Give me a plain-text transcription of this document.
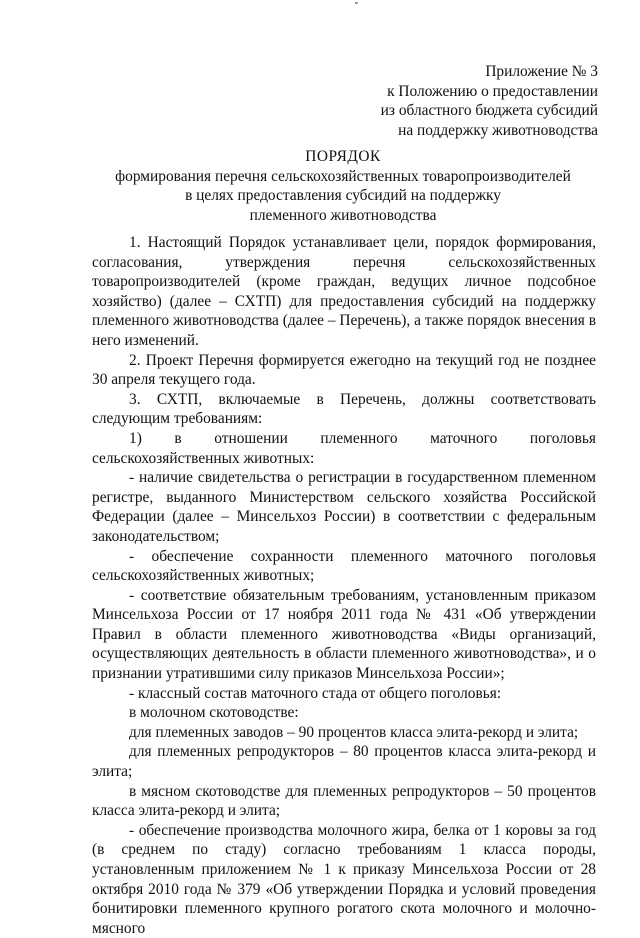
Приложение № 3
к Положению о предоставлении
из областного бюджета субсидий
на поддержку животноводства
ПОРЯДОК
формирования перечня сельскохозяйственных товаропроизводителей
в целях предоставления субсидий на поддержку
племенного животноводства

1. Настоящий Порядок устанавливает цели, порядок формирования, согласования, утверждения перечня сельскохозяйственных товаропроизводителей (кроме граждан, ведущих личное подсобное хозяйство) (далее – СХТП) для предоставления субсидий на поддержку племенного животноводства (далее – Перечень), а также порядок внесения в него изменений.

2. Проект Перечня формируется ежегодно на текущий год не позднее 30 апреля текущего года.

3. СХТП, включаемые в Перечень, должны соответствовать следующим требованиям:

1) в отношении племенного маточного поголовья сельскохозяйственных животных:

- наличие свидетельства о регистрации в государственном племенном регистре, выданного Министерством сельского хозяйства Российской Федерации (далее – Минсельхоз России) в соответствии с федеральным законодательством;

- обеспечение сохранности племенного маточного поголовья сельскохозяйственных животных;

- соответствие обязательным требованиям, установленным приказом Минсельхоза России от 17 ноября 2011 года № 431 «Об утверждении Правил в области племенного животноводства «Виды организаций, осуществляющих деятельность в области племенного животноводства», и о признании утратившими силу приказов Минсельхоза России»;

- классный состав маточного стада от общего поголовья:

в молочном скотоводстве:

для племенных заводов – 90 процентов класса элита-рекорд и элита;

для племенных репродукторов – 80 процентов класса элита-рекорд и элита;

в мясном скотоводстве для племенных репродукторов – 50 процентов класса элита-рекорд и элита;

- обеспечение производства молочного жира, белка от 1 коровы за год (в среднем по стаду) согласно требованиям 1 класса породы, установленным приложением № 1 к приказу Минсельхоза России от 28 октября 2010 года № 379 «Об утверждении Порядка и условий проведения бонитировки племенного крупного рогатого скота молочного и молочно-мясного
